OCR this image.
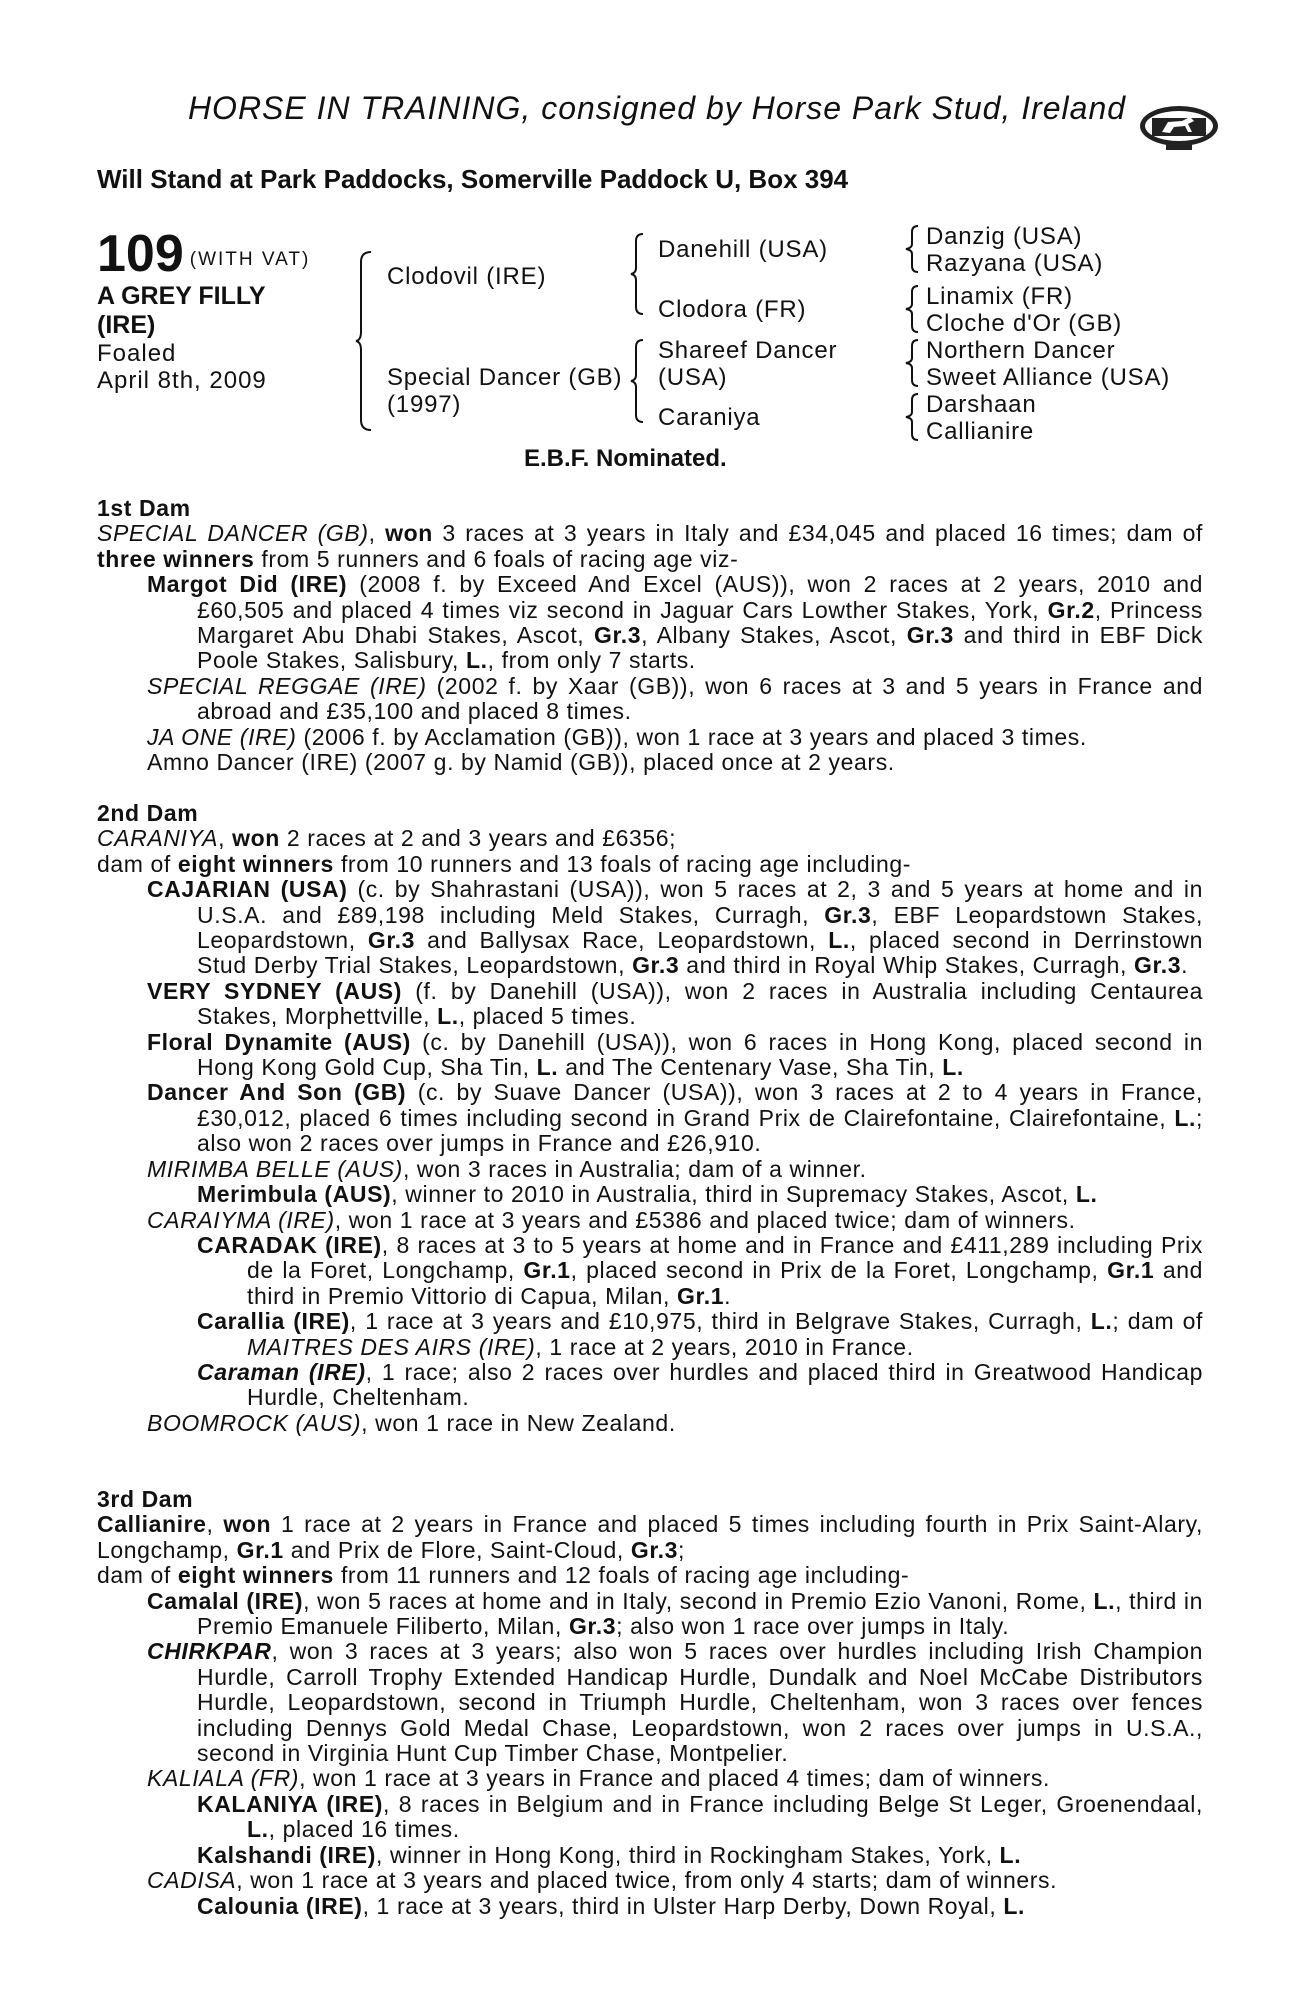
HORSE IN TRAINING, consigned by Horse Park Stud, Ireland
Will Stand at Park Paddocks, Somerville Paddock U, Box 394
109 (WITH VAT)
A GREY FILLY
(IRE)
Foaled
April 8th, 2009
Clodovil (IRE)
Special Dancer (GB)
(1997)
Danehill (USA)
Clodora (FR)
Shareef Dancer
(USA)
Caraniya
Danzig (USA)
Razyana (USA)
Linamix (FR)
Cloche d'Or (GB)
Northern Dancer
Sweet Alliance (USA)
Darshaan
Callianire
E.B.F. Nominated.

1st Dam

SPECIAL DANCER (GB), won 3 races at 3 years in Italy and £34,045 and placed 16 times; dam of three winners from 5 runners and 6 foals of racing age viz-

Margot Did (IRE) (2008 f. by Exceed And Excel (AUS)), won 2 races at 2 years, 2010 and £60,505 and placed 4 times viz second in Jaguar Cars Lowther Stakes, York, Gr.2, Princess Margaret Abu Dhabi Stakes, Ascot, Gr.3, Albany Stakes, Ascot, Gr.3 and third in EBF Dick Poole Stakes, Salisbury, L., from only 7 starts.

SPECIAL REGGAE (IRE) (2002 f. by Xaar (GB)), won 6 races at 3 and 5 years in France and abroad and £35,100 and placed 8 times.

JA ONE (IRE) (2006 f. by Acclamation (GB)), won 1 race at 3 years and placed 3 times.

Amno Dancer (IRE) (2007 g. by Namid (GB)), placed once at 2 years.

2nd Dam

CARANIYA, won 2 races at 2 and 3 years and £6356;

dam of eight winners from 10 runners and 13 foals of racing age including-

CAJARIAN (USA) (c. by Shahrastani (USA)), won 5 races at 2, 3 and 5 years at home and in U.S.A. and £89,198 including Meld Stakes, Curragh, Gr.3, EBF Leopardstown Stakes, Leopardstown, Gr.3 and Ballysax Race, Leopardstown, L., placed second in Derrinstown Stud Derby Trial Stakes, Leopardstown, Gr.3 and third in Royal Whip Stakes, Curragh, Gr.3.

VERY SYDNEY (AUS) (f. by Danehill (USA)), won 2 races in Australia including Centaurea Stakes, Morphettville, L., placed 5 times.

Floral Dynamite (AUS) (c. by Danehill (USA)), won 6 races in Hong Kong, placed second in Hong Kong Gold Cup, Sha Tin, L. and The Centenary Vase, Sha Tin, L.

Dancer And Son (GB) (c. by Suave Dancer (USA)), won 3 races at 2 to 4 years in France, £30,012, placed 6 times including second in Grand Prix de Clairefontaine, Clairefontaine, L.; also won 2 races over jumps in France and £26,910.

MIRIMBA BELLE (AUS), won 3 races in Australia; dam of a winner.

Merimbula (AUS), winner to 2010 in Australia, third in Supremacy Stakes, Ascot, L.

CARAIYMA (IRE), won 1 race at 3 years and £5386 and placed twice; dam of winners.

CARADAK (IRE), 8 races at 3 to 5 years at home and in France and £411,289 including Prix de la Foret, Longchamp, Gr.1, placed second in Prix de la Foret, Longchamp, Gr.1 and third in Premio Vittorio di Capua, Milan, Gr.1.

Carallia (IRE), 1 race at 3 years and £10,975, third in Belgrave Stakes, Curragh, L.; dam of MAITRES DES AIRS (IRE), 1 race at 2 years, 2010 in France.

Caraman (IRE), 1 race; also 2 races over hurdles and placed third in Greatwood Handicap Hurdle, Cheltenham.

BOOMROCK (AUS), won 1 race in New Zealand.

3rd Dam

Callianire, won 1 race at 2 years in France and placed 5 times including fourth in Prix Saint-Alary, Longchamp, Gr.1 and Prix de Flore, Saint-Cloud, Gr.3;

dam of eight winners from 11 runners and 12 foals of racing age including-

Camalal (IRE), won 5 races at home and in Italy, second in Premio Ezio Vanoni, Rome, L., third in Premio Emanuele Filiberto, Milan, Gr.3; also won 1 race over jumps in Italy.

CHIRKPAR, won 3 races at 3 years; also won 5 races over hurdles including Irish Champion Hurdle, Carroll Trophy Extended Handicap Hurdle, Dundalk and Noel McCabe Distributors Hurdle, Leopardstown, second in Triumph Hurdle, Cheltenham, won 3 races over fences including Dennys Gold Medal Chase, Leopardstown, won 2 races over jumps in U.S.A., second in Virginia Hunt Cup Timber Chase, Montpelier.

KALIALA (FR), won 1 race at 3 years in France and placed 4 times; dam of winners.

KALANIYA (IRE), 8 races in Belgium and in France including Belge St Leger, Groenendaal, L., placed 16 times.

Kalshandi (IRE), winner in Hong Kong, third in Rockingham Stakes, York, L.

CADISA, won 1 race at 3 years and placed twice, from only 4 starts; dam of winners.

Calounia (IRE), 1 race at 3 years, third in Ulster Harp Derby, Down Royal, L.
